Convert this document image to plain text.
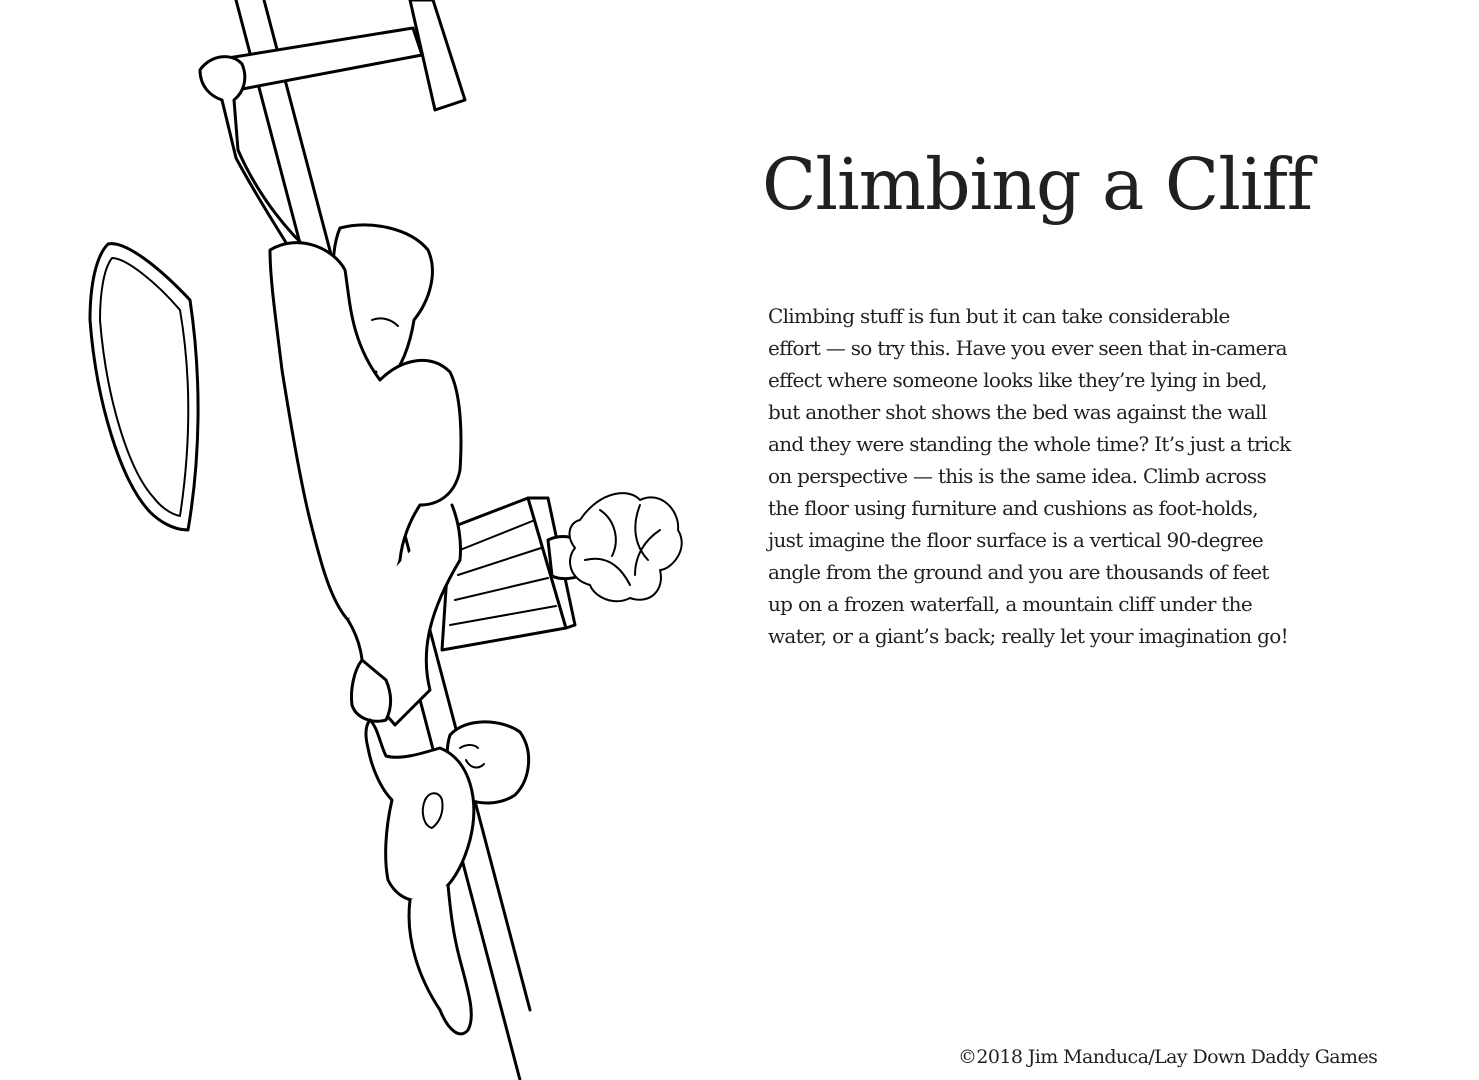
Climbing a Cliff
Climbing stuff is fun but it can take considerable
effort — so try this. Have you ever seen that in-camera
effect where someone looks like they’re lying in bed,
but another shot shows the bed was against the wall
and they were standing the whole time? It’s just a trick
on perspective — this is the same idea. Climb across
the floor using furniture and cushions as foot-holds,
just imagine the floor surface is a vertical 90-degree
angle from the ground and you are thousands of feet
up on a frozen waterfall, a mountain cliff under the
water, or a giant’s back; really let your imagination go!

©2018 Jim Manduca/Lay Down Daddy Games
